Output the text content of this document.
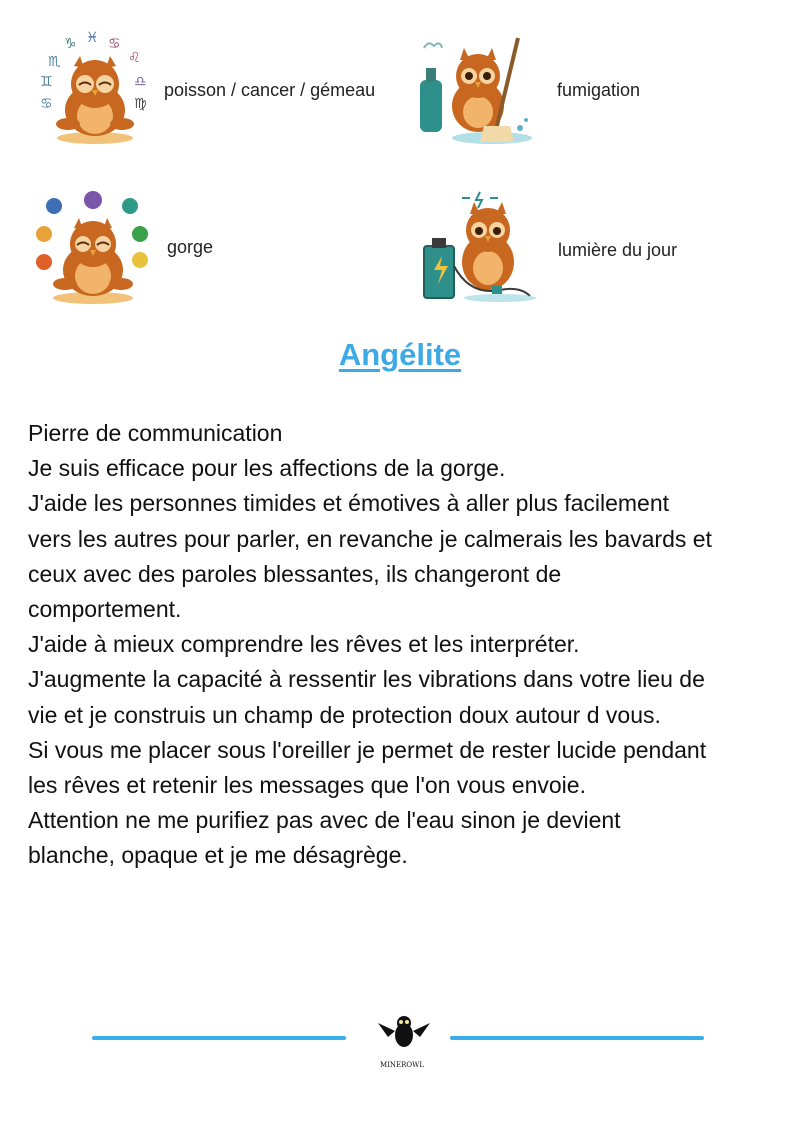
♏
♑ ♓ ♋
♌
♊	♎
♋	♍
poisson / cancer / gémeau	fumigation
gorge	lumière du jour
Angélite
Pierre de communication
Je suis efficace pour les affections de la gorge.
J'aide les personnes timides et émotives à aller plus facilement
vers les autres pour parler, en revanche je calmerais les bavards et
ceux avec des paroles blessantes, ils changeront de
comportement.
J'aide à mieux comprendre les rêves et les interpréter.
J'augmente la capacité à ressentir les vibrations dans votre lieu de
vie et je construis un champ de protection doux autour d vous.
Si vous me placer sous l'oreiller je permet de rester lucide pendant
les rêves et retenir les messages que l'on vous envoie.
Attention ne me purifiez pas avec de l'eau sinon je devient
blanche, opaque et je me désagrège.
MINEROWL
